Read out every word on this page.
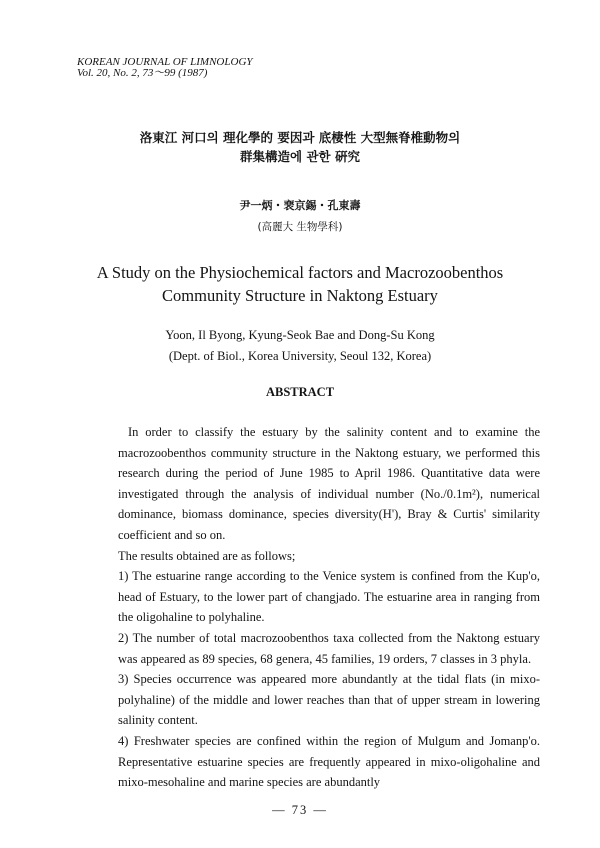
KOREAN JOURNAL OF LIMNOLOGY
Vol. 20, No. 2, 73～99 (1987)
洛東江 河口의 理化學的 要因과 底棲性 大型無脊椎動物의
群集構造에 관한 硏究
尹一炳・裵京錫・孔東壽
(高麗大 生物學科)
A Study on the Physiochemical factors and Macrozoobenthos
Community Structure in Naktong Estuary
Yoon, Il Byong, Kyung-Seok Bae and Dong-Su Kong
(Dept. of Biol., Korea University, Seoul 132, Korea)
ABSTRACT

In order to classify the estuary by the salinity content and to examine the macrozoobenthos community structure in the Naktong estuary, we performed this research during the period of June 1985 to April 1986. Quantitative data were investigated through the analysis of individual number (No./0.1m²), numerical dominance, biomass dominance, species diversity(H'), Bray & Curtis' similarity coefficient and so on.

The results obtained are as follows;

1) The estuarine range according to the Venice system is confined from the Kup'o, head of Estuary, to the lower part of changjado. The estuarine area in ranging from the oligohaline to polyhaline.

2) The number of total macrozoobenthos taxa collected from the Naktong estuary was appeared as 89 species, 68 genera, 45 families, 19 orders, 7 classes in 3 phyla.

3) Species occurrence was appeared more abundantly at the tidal flats (in mixo-polyhaline) of the middle and lower reaches than that of upper stream in lowering salinity content.

4) Freshwater species are confined within the region of Mulgum and Jomanp'o. Representative estuarine species are frequently appeared in mixo-oligohaline and mixo-mesohaline and marine species are abundantly

— 73 —
